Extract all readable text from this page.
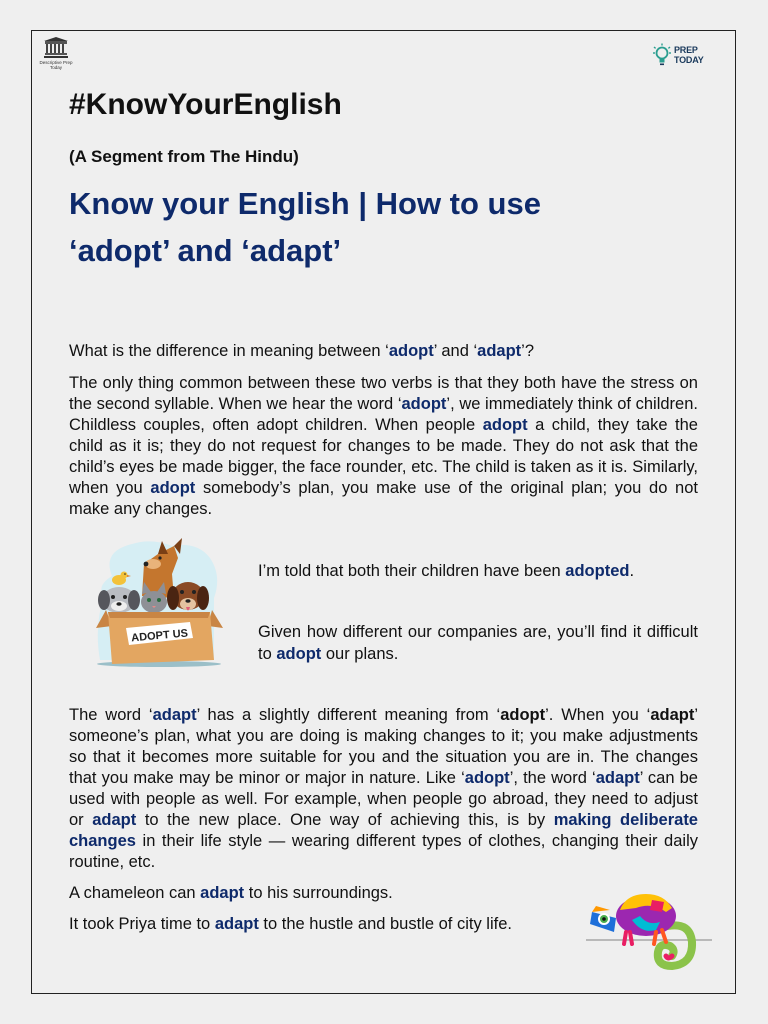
Descriptive Prep Today
PREP
TODAY
#KnowYourEnglish

(A Segment from The Hindu)

Know your English | How to use
‘adopt’ and ‘adapt’

What is the difference in meaning between ‘adopt’ and ‘adapt’?

The only thing common between these two verbs is that they both have the stress on the second syllable. When we hear the word ‘adopt’, we immediately think of children. Childless couples, often adopt children. When people adopt a child, they take the child as it is; they do not request for changes to be made. They do not ask that the child’s eyes be made bigger, the face rounder, etc. The child is taken as it is. Similarly, when you adopt somebody’s plan, you make use of the original plan; you do not make any changes.

ADOPT US

I’m told that both their children have been adopted.

Given how different our companies are, you’ll find it difficult to adopt our plans.

The word ‘adapt’ has a slightly different meaning from ‘adopt’. When you ‘adapt’ someone’s plan, what you are doing is making changes to it; you make adjustments so that it becomes more suitable for you and the situation you are in. The changes that you make may be minor or major in nature. Like ‘adopt’, the word ‘adapt’ can be used with people as well. For example, when people go abroad, they need to adjust or adapt to the new place. One way of achieving this, is by making deliberate changes in their life style — wearing different types of clothes, changing their daily routine, etc.

A chameleon can adapt to his surroundings.

It took Priya time to adapt to the hustle and bustle of city life.
